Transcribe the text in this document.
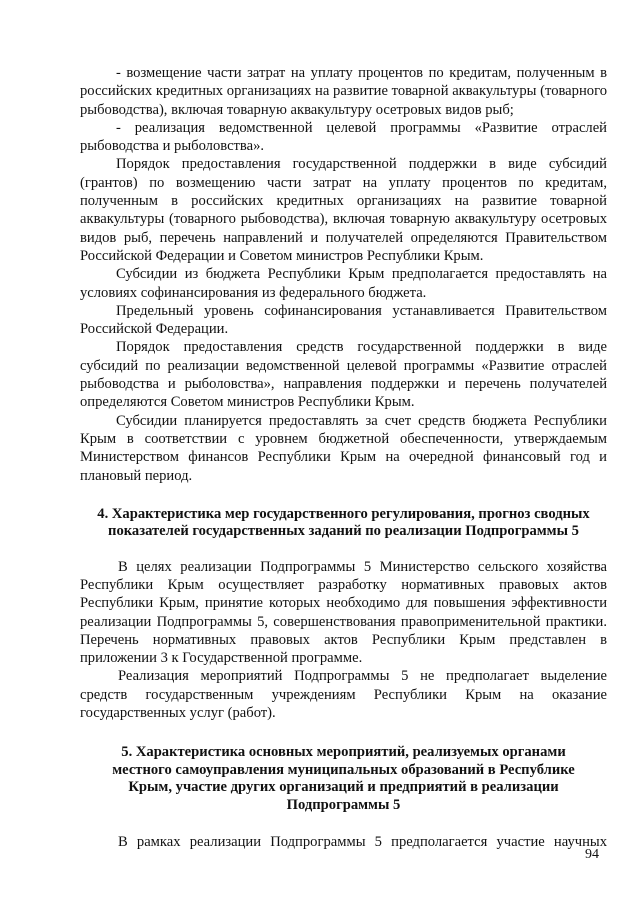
- возмещение части затрат на уплату процентов по кредитам, полученным в российских кредитных организациях на развитие товарной аквакультуры (товарного рыбоводства), включая товарную аквакультуру осетровых видов рыб;

- реализация ведомственной целевой программы «Развитие отраслей рыбоводства и рыболовства».

Порядок предоставления государственной поддержки в виде субсидий (грантов) по возмещению части затрат на уплату процентов по кредитам, полученным в российских кредитных организациях на развитие товарной аквакультуры (товарного рыбоводства), включая товарную аквакультуру осетровых видов рыб, перечень направлений и получателей определяются Правительством Российской Федерации и Советом министров Республики Крым.

Субсидии из бюджета Республики Крым предполагается предоставлять на условиях софинансирования из федерального бюджета.

Предельный уровень софинансирования устанавливается Правительством Российской Федерации.

Порядок предоставления средств государственной поддержки в виде субсидий по реализации ведомственной целевой программы «Развитие отраслей рыбоводства и рыболовства», направления поддержки и перечень получателей определяются Советом министров Республики Крым.

Субсидии планируется предоставлять за счет средств бюджета Республики Крым в соответствии с уровнем бюджетной обеспеченности, утверждаемым Министерством финансов Республики Крым на очередной финансовый год и плановый период.

4. Характеристика мер государственного регулирования, прогноз сводных показателей государственных заданий по реализации Подпрограммы 5

В целях реализации Подпрограммы 5 Министерство сельского хозяйства Республики Крым осуществляет разработку нормативных правовых актов Республики Крым, принятие которых необходимо для повышения эффективности реализации Подпрограммы 5, совершенствования правоприменительной практики. Перечень нормативных правовых актов Республики Крым представлен в приложении 3 к Государственной программе.

Реализация мероприятий Подпрограммы 5 не предполагает выделение средств государственным учреждениям Республики Крым на оказание государственных услуг (работ).

5. Характеристика основных мероприятий, реализуемых органами местного самоуправления муниципальных образований в Республике Крым, участие других организаций и предприятий в реализации Подпрограммы 5

В рамках реализации Подпрограммы 5 предполагается участие научных

94
